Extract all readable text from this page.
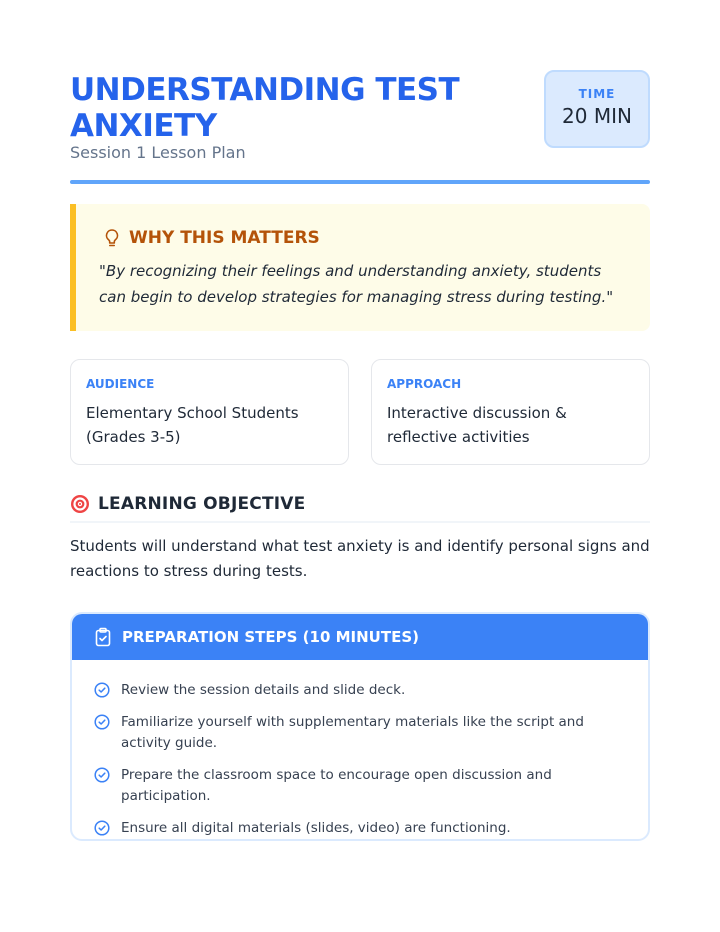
UNDERSTANDING TEST ANXIETY
Session 1 Lesson Plan
TIME
20 MIN
WHY THIS MATTERS
"By recognizing their feelings and understanding anxiety, students can begin to develop strategies for managing stress during testing."
AUDIENCE
Elementary School Students (Grades 3-5)
APPROACH
Interactive discussion & reflective activities
LEARNING OBJECTIVE
Students will understand what test anxiety is and identify personal signs and reactions to stress during tests.
PREPARATION STEPS (10 MINUTES)
Review the session details and slide deck.
Familiarize yourself with supplementary materials like the script and activity guide.
Prepare the classroom space to encourage open discussion and participation.
Ensure all digital materials (slides, video) are functioning.
